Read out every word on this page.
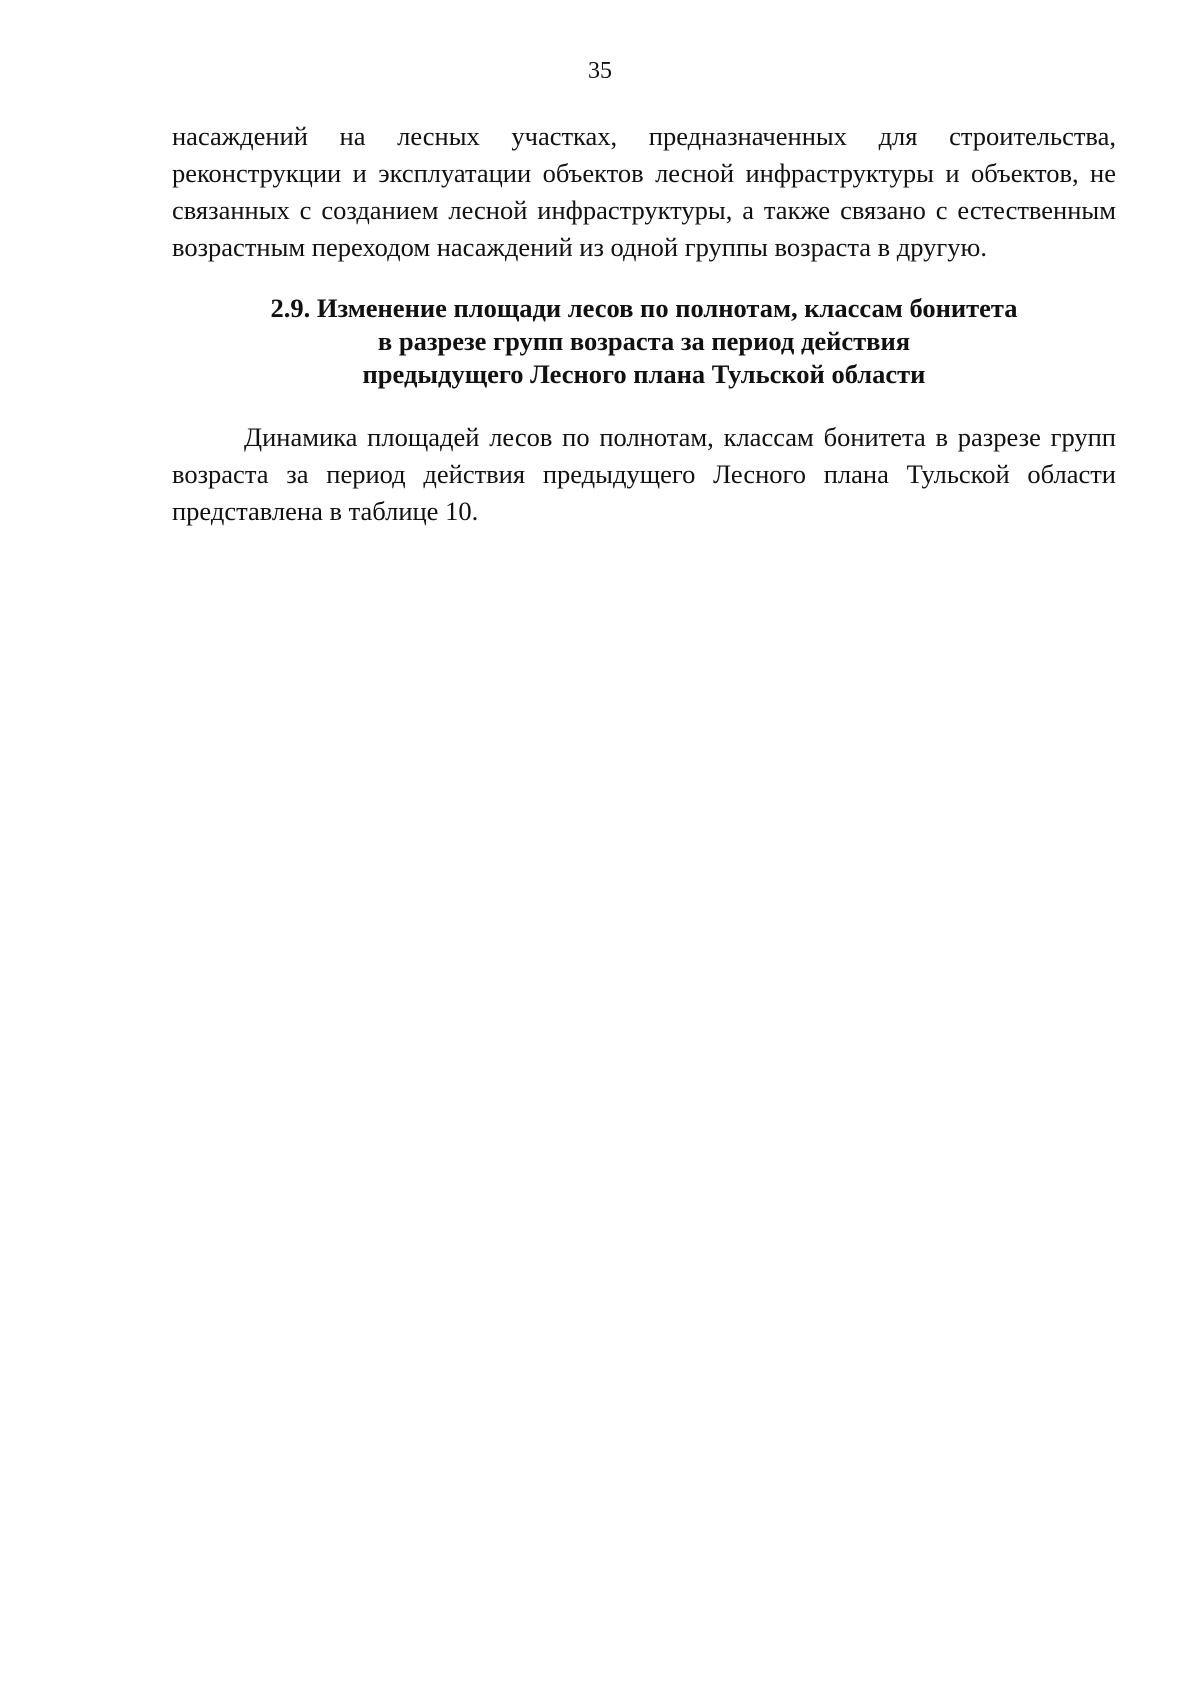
35

насаждений на лесных участках, предназначенных для строительства, реконструкции и эксплуатации объектов лесной инфраструктуры и объектов, не связанных с созданием лесной инфраструктуры, а также связано с естественным возрастным переходом насаждений из одной группы возраста в другую.

2.9. Изменение площади лесов по полнотам, классам бонитета
в разрезе групп возраста за период действия
предыдущего Лесного плана Тульской области

Динамика площадей лесов по полнотам, классам бонитета в разрезе групп возраста за период действия предыдущего Лесного плана Тульской области представлена в таблице 10.
